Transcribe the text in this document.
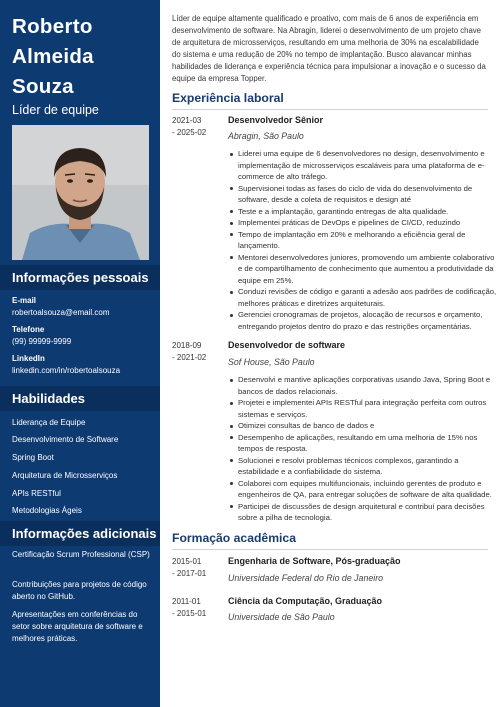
Roberto
Almeida
Souza
Líder de equipe
Informações pessoais
E-mail
robertoalsouza@email.com
Telefone
(99) 99999-9999
LinkedIn
linkedin.com/in/robertoalsouza
Habilidades
Liderança de Equipe
Desenvolvimento de Software
Spring Boot
Arquitetura de Microsserviços
APIs RESTful
Metodologias Ágeis
Informações adicionais
Certificação Scrum Professional (CSP)
Contribuições para projetos de código aberto no GitHub.
Apresentações em conferências do setor sobre arquitetura de software e melhores práticas.
Líder de equipe altamente qualificado e proativo, com mais de 6 anos de experiência em desenvolvimento de software. Na Abragin, liderei o desenvolvimento de um projeto chave de arquitetura de microsserviços, resultando em uma melhoria de 30% na escalabilidade do sistema e uma redução de 20% no tempo de implantação. Busco alavancar minhas habilidades de liderança e experiência técnica para impulsionar a inovação e o sucesso da equipe da empresa Topper.
Experiência laboral
2021-03
- 2025-02
Desenvolvedor Sênior
Abragin, São Paulo
Liderei uma equipe de 6 desenvolvedores no design, desenvolvimento e implementação de microsserviços escaláveis para uma plataforma de e-commerce de alto tráfego.
Supervisionei todas as fases do ciclo de vida do desenvolvimento de software, desde a coleta de requisitos e design até
Teste e a implantação, garantindo entregas de alta qualidade.
Implementei práticas de DevOps e pipelines de CI/CD, reduzindo
Tempo de implantação em 20% e melhorando a eficiência geral de lançamento.
Mentorei desenvolvedores juniores, promovendo um ambiente colaborativo e de compartilhamento de conhecimento que aumentou a produtividade da equipe em 25%.
Conduzi revisões de código e garanti a adesão aos padrões de codificação, melhores práticas e diretrizes arquiteturais.
Gerenciei cronogramas de projetos, alocação de recursos e orçamento, entregando projetos dentro do prazo e das restrições orçamentárias.
2018-09
- 2021-02
Desenvolvedor de software
Sof House, São Paulo
Desenvolvi e mantive aplicações corporativas usando Java, Spring Boot e bancos de dados relacionais.
Projetei e implementei APIs RESTful para integração perfeita com outros sistemas e serviços.
Otimizei consultas de banco de dados e
Desempenho de aplicações, resultando em uma melhoria de 15% nos tempos de resposta.
Solucionei e resolvi problemas técnicos complexos, garantindo a estabilidade e a confiabilidade do sistema.
Colaborei com equipes multifuncionais, incluindo gerentes de produto e engenheiros de QA, para entregar soluções de software de alta qualidade.
Participei de discussões de design arquitetural e contribuí para decisões sobre a pilha de tecnologia.
Formação acadêmica
2015-01
- 2017-01
Engenharia de Software, Pós-graduação
Universidade Federal do Rio de Janeiro
2011-01
- 2015-01
Ciência da Computação, Graduação
Universidade de São Paulo
